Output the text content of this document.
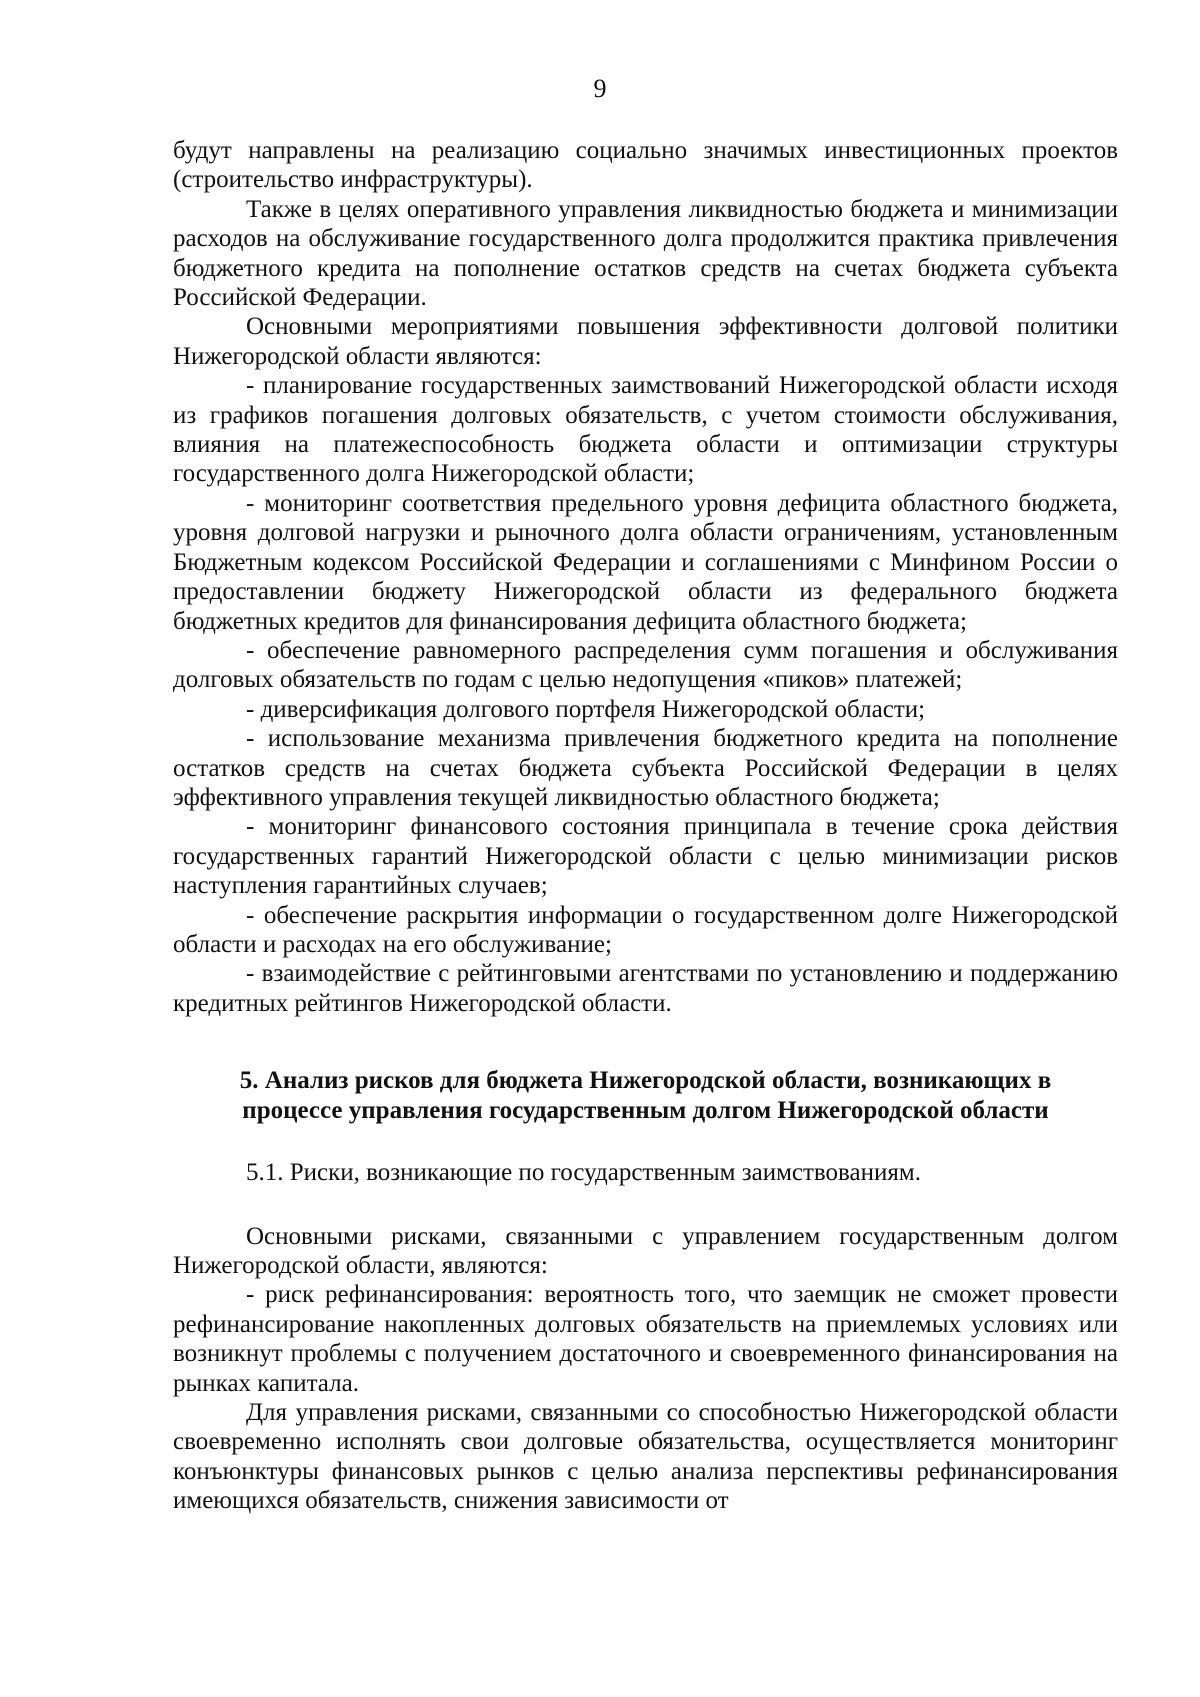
9

будут направлены на реализацию социально значимых инвестиционных проектов (строительство инфраструктуры).

Также в целях оперативного управления ликвидностью бюджета и минимизации расходов на обслуживание государственного долга продолжится практика привлечения бюджетного кредита на пополнение остатков средств на счетах бюджета субъекта Российской Федерации.

Основными мероприятиями повышения эффективности долговой политики Нижегородской области являются:

- планирование государственных заимствований Нижегородской области исходя из графиков погашения долговых обязательств, с учетом стоимости обслуживания, влияния на платежеспособность бюджета области и оптимизации структуры государственного долга Нижегородской области;

- мониторинг соответствия предельного уровня дефицита областного бюджета, уровня долговой нагрузки и рыночного долга области ограничениям, установленным Бюджетным кодексом Российской Федерации и соглашениями с Минфином России о предоставлении бюджету Нижегородской области из федерального бюджета бюджетных кредитов для финансирования дефицита областного бюджета;

- обеспечение равномерного распределения сумм погашения и обслуживания долговых обязательств по годам с целью недопущения «пиков» платежей;

- диверсификация долгового портфеля Нижегородской области;

- использование механизма привлечения бюджетного кредита на пополнение остатков средств на счетах бюджета субъекта Российской Федерации в целях эффективного управления текущей ликвидностью областного бюджета;

- мониторинг финансового состояния принципала в течение срока действия государственных гарантий Нижегородской области с целью минимизации рисков наступления гарантийных случаев;

- обеспечение раскрытия информации о государственном долге Нижегородской области и расходах на его обслуживание;

- взаимодействие с рейтинговыми агентствами по установлению и поддержанию кредитных рейтингов Нижегородской области.

5. Анализ рисков для бюджета Нижегородской области, возникающих в
процессе управления государственным долгом Нижегородской области

5.1. Риски, возникающие по государственным заимствованиям.

Основными рисками, связанными с управлением государственным долгом Нижегородской области, являются:

- риск рефинансирования: вероятность того, что заемщик не сможет провести рефинансирование накопленных долговых обязательств на приемлемых условиях или возникнут проблемы с получением достаточного и своевременного финансирования на рынках капитала.

Для управления рисками, связанными со способностью Нижегородской области своевременно исполнять свои долговые обязательства, осуществляется мониторинг конъюнктуры финансовых рынков с целью анализа перспективы рефинансирования имеющихся обязательств, снижения зависимости от
